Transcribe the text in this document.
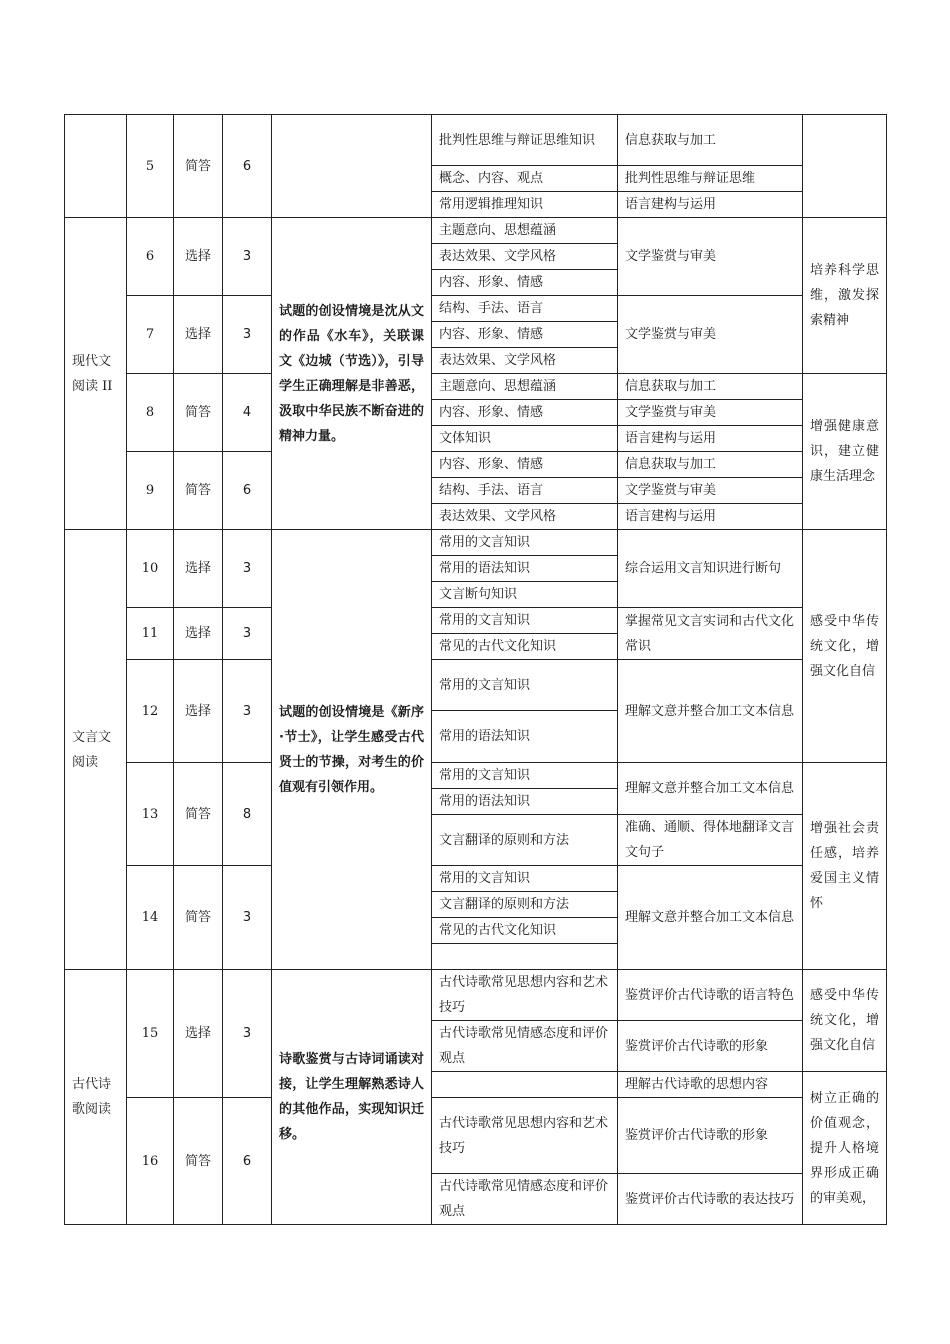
	5	简答	6		批判性思维与辩证思维知识	信息获取与加工	
					概念、内容、观点	批判性思维与辩证思维	
					常用逻辑推理知识	语言建构与运用	
现代文阅读 II	6	选择	3	试题的创设情境是沈从文的作品《水车》，关联课文《边城（节选）》，引导学生正确理解是非善恶，汲取中华民族不断奋进的精神力量。	主题意向、思想蕴涵	文学鉴赏与审美	培养科学思维，激发探索精神
					表达效果、文学风格		
					内容、形象、情感		
	7	选择	3		结构、手法、语言	文学鉴赏与审美	
					内容、形象、情感		
					表达效果、文学风格		
	8	简答	4		主题意向、思想蕴涵	信息获取与加工	增强健康意识，建立健康生活理念
					内容、形象、情感	文学鉴赏与审美	
					文体知识	语言建构与运用	
	9	简答	6		内容、形象、情感	信息获取与加工	
					结构、手法、语言	文学鉴赏与审美	
					表达效果、文学风格	语言建构与运用	
文言文阅读	10	选择	3	试题的创设情境是《新序·节士》，让学生感受古代贤士的节操，对考生的价值观有引领作用。	常用的文言知识	综合运用文言知识进行断句	感受中华传统文化，增强文化自信
					常用的语法知识		
					文言断句知识		
	11	选择	3		常用的文言知识	掌握常见文言实词和古代文化常识	
					常见的古代文化知识		
	12	选择	3		常用的文言知识	理解文意并整合加工文本信息	
					常用的语法知识		
	13	简答	8		常用的文言知识	理解文意并整合加工文本信息	增强社会责任感，培养爱国主义情怀
					常用的语法知识		
					文言翻译的原则和方法	准确、通顺、得体地翻译文言文句子	
	14	简答	3		常用的文言知识	理解文意并整合加工文本信息	
					文言翻译的原则和方法		
					常见的古代文化知识		

古代诗歌阅读	15	选择	3	诗歌鉴赏与古诗词诵读对接，让学生理解熟悉诗人的其他作品，实现知识迁移。	古代诗歌常见思想内容和艺术技巧	鉴赏评价古代诗歌的语言特色	感受中华传统文化，增强文化自信
					古代诗歌常见情感态度和评价观点	鉴赏评价古代诗歌的形象	
						理解古代诗歌的思想内容	树立正确的价值观念，提升人格境界形成正确的审美观，
	16	简答	6		古代诗歌常见思想内容和艺术技巧	鉴赏评价古代诗歌的形象	
					古代诗歌常见情感态度和评价观点	鉴赏评价古代诗歌的表达技巧	
